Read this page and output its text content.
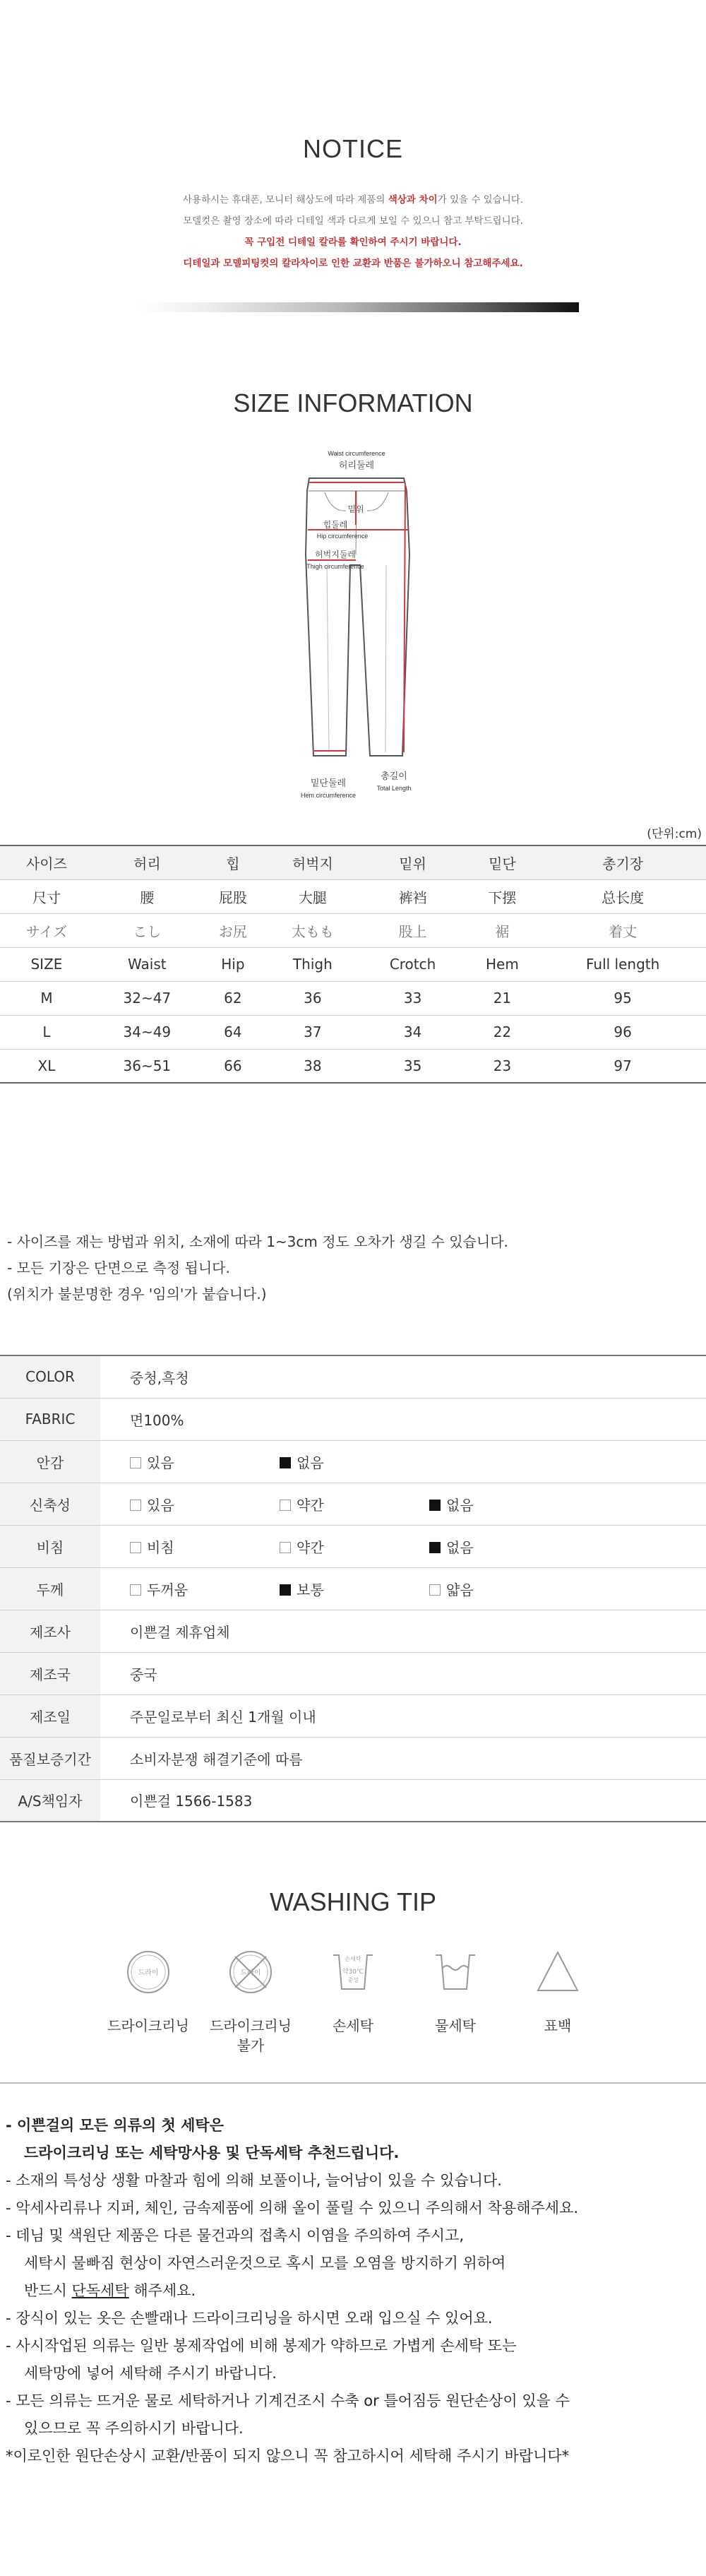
NOTICE
사용하시는 휴대폰, 모니터 해상도에 따라 제품의 색상과 차이가 있을 수 있습니다.
모델컷은 촬영 장소에 따라 디테일 색과 다르게 보일 수 있으니 참고 부탁드립니다.
꼭 구입전 디테일 칼라를 확인하여 주시기 바랍니다.
디테일과 모델피팅컷의 칼라차이로 인한 교환과 반품은 불가하오니 참고해주세요.
SIZE INFORMATION
Waist circumference
허리둘레
밑위
힙둘레
Hip circumference
허벅지둘레
Thigh circumference
밑단둘레
Hem circumference
총길이
Total Length
(단위:cm)
사이즈	허리	힙	허벅지	밑위	밑단	총기장
尺寸	腰	屁股	大腿	裤裆	下摆	总长度
サイズ	こし	お尻	太もも	股上	裾	着丈
SIZE	Waist	Hip	Thigh	Crotch	Hem	Full length
M	32~47	62	36	33	21	95
L	34~49	64	37	34	22	96
XL	36~51	66	38	35	23	97
- 사이즈를 재는 방법과 위치, 소재에 따라 1~3cm 정도 오차가 생길 수 있습니다.
- 모든 기장은 단면으로 측정 됩니다.
(위치가 불분명한 경우 '임의'가 붙습니다.)
COLOR	중청,흑청
FABRIC	면100%
안감	있음 없음
신축성	있음 약간 없음
비침	비침 약간 없음
두께	두꺼움 보통 얇음
제조사	이쁜걸 제휴업체
제조국	중국
제조일	주문일로부터 최신 1개월 이내
품질보증기간	소비자분쟁 해결기준에 따름
A/S책임자	이쁜걸 1566-1583
WASHING TIP
드라이
드라이크리닝
드라이
드라이크리닝
불가
손세탁
약30℃
중성
손세탁	물세탁	표백
- 이쁜걸의 모든 의류의 첫 세탁은
드라이크리닝 또는 세탁망사용 및 단독세탁 추천드립니다.
- 소재의 특성상 생활 마찰과 힘에 의해 보풀이나, 늘어남이 있을 수 있습니다.
- 악세사리류나 지퍼, 체인, 금속제품에 의해 올이 풀릴 수 있으니 주의해서 착용해주세요.
- 데님 및 색원단 제품은 다른 물건과의 접촉시 이염을 주의하여 주시고,
세탁시 물빠짐 현상이 자연스러운것으로 혹시 모를 오염을 방지하기 위하여
반드시 단독세탁 해주세요.
- 장식이 있는 옷은 손빨래나 드라이크리닝을 하시면 오래 입으실 수 있어요.
- 사시작업된 의류는 일반 봉제작업에 비해 봉제가 약하므로 가볍게 손세탁 또는
세탁망에 넣어 세탁해 주시기 바랍니다.
- 모든 의류는 뜨거운 물로 세탁하거나 기계건조시 수축 or 틀어짐등 원단손상이 있을 수
있으므로 꼭 주의하시기 바랍니다.
*이로인한 원단손상시 교환/반품이 되지 않으니 꼭 참고하시어 세탁해 주시기 바랍니다*
